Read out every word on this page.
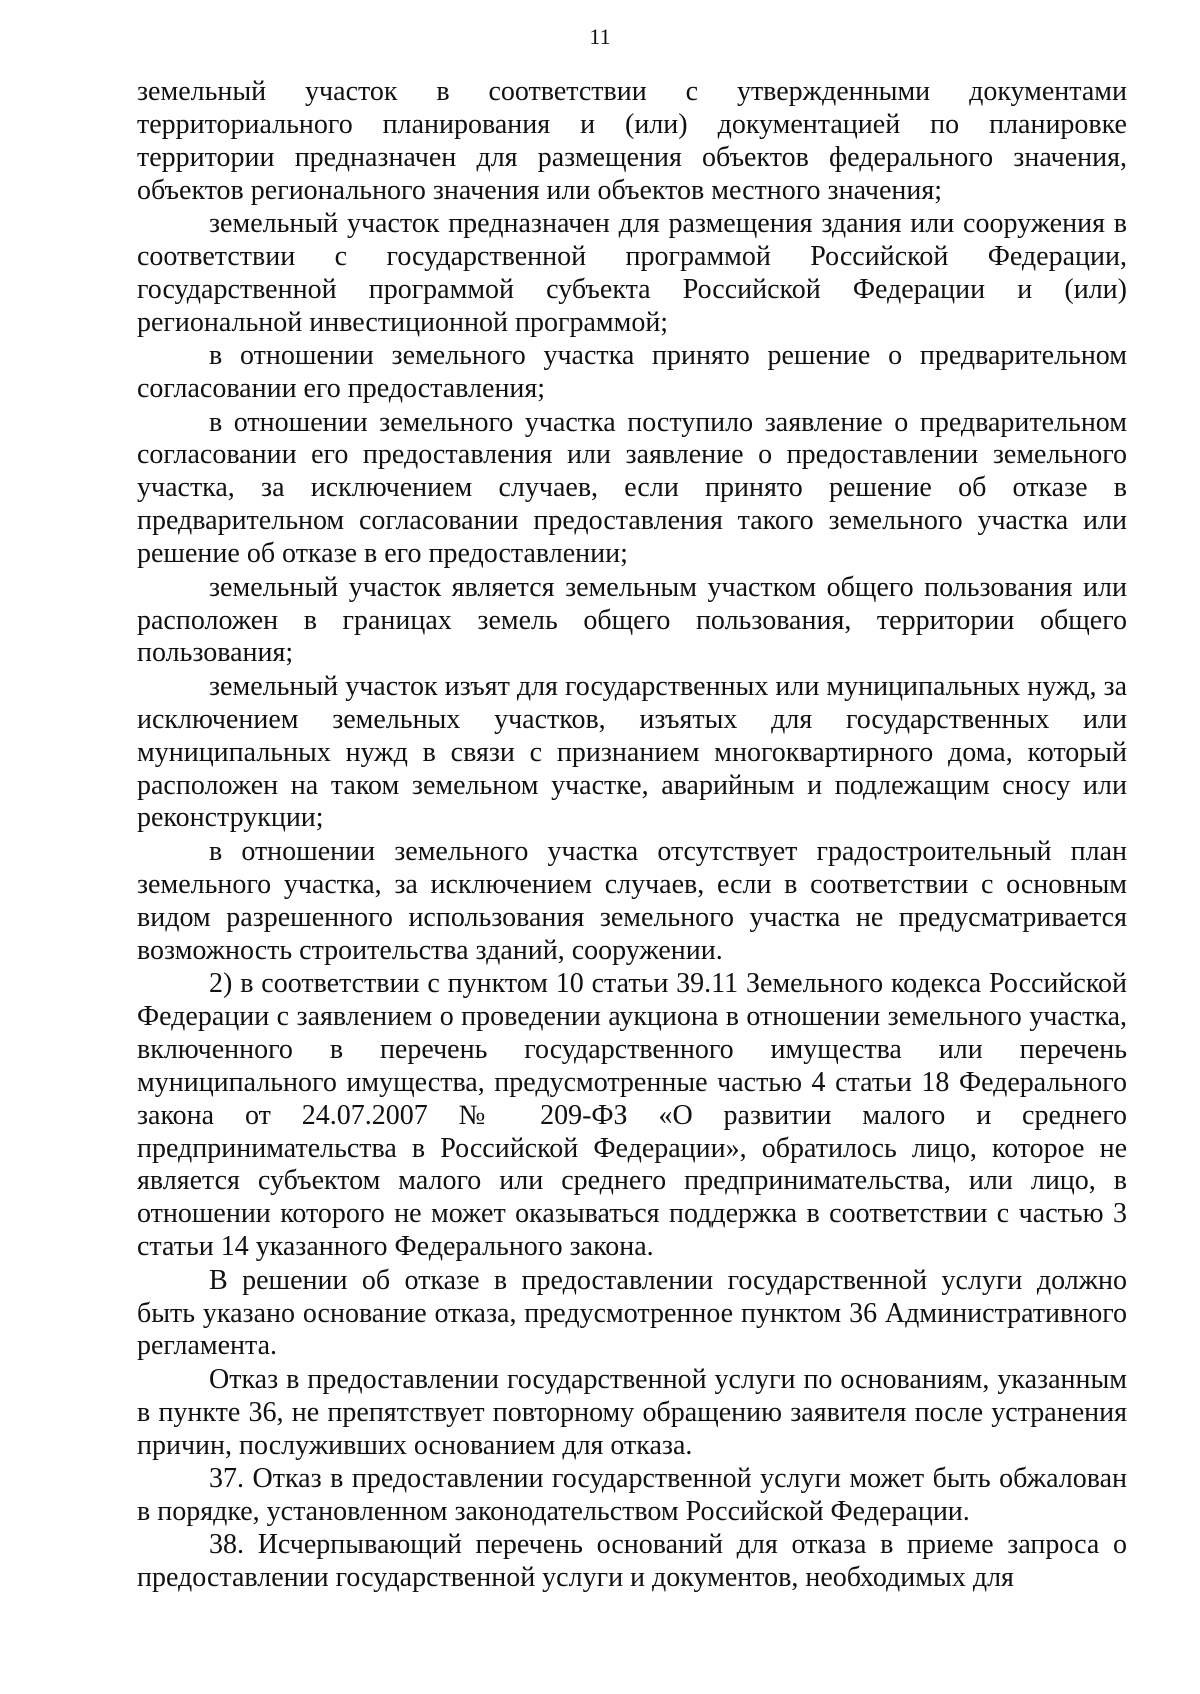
11

земельный участок в соответствии с утвержденными документами территориального планирования и (или) документацией по планировке территории предназначен для размещения объектов федерального значения, объектов регионального значения или объектов местного значения;

земельный участок предназначен для размещения здания или сооружения в соответствии с государственной программой Российской Федерации, государственной программой субъекта Российской Федерации и (или) региональной инвестиционной программой;

в отношении земельного участка принято решение о предварительном согласовании его предоставления;

в отношении земельного участка поступило заявление о предварительном согласовании его предоставления или заявление о предоставлении земельного участка, за исключением случаев, если принято решение об отказе в предварительном согласовании предоставления такого земельного участка или решение об отказе в его предоставлении;

земельный участок является земельным участком общего пользования или расположен в границах земель общего пользования, территории общего пользования;

земельный участок изъят для государственных или муниципальных нужд, за исключением земельных участков, изъятых для государственных или муниципальных нужд в связи с признанием многоквартирного дома, который расположен на таком земельном участке, аварийным и подлежащим сносу или реконструкции;

в отношении земельного участка отсутствует градостроительный план земельного участка, за исключением случаев, если в соответствии с основным видом разрешенного использования земельного участка не предусматривается возможность строительства зданий, сооружении.

2) в соответствии с пунктом 10 статьи 39.11 Земельного кодекса Российской Федерации с заявлением о проведении аукциона в отношении земельного участка, включенного в перечень государственного имущества или перечень муниципального имущества, предусмотренные частью 4 статьи 18 Федерального закона от 24.07.2007 № 209-ФЗ «О развитии малого и среднего предпринимательства в Российской Федерации», обратилось лицо, которое не является субъектом малого или среднего предпринимательства, или лицо, в отношении которого не может оказываться поддержка в соответствии с частью 3 статьи 14 указанного Федерального закона.

В решении об отказе в предоставлении государственной услуги должно быть указано основание отказа, предусмотренное пунктом 36 Административного регламента.

Отказ в предоставлении государственной услуги по основаниям, указанным в пункте 36, не препятствует повторному обращению заявителя после устранения причин, послуживших основанием для отказа.

37. Отказ в предоставлении государственной услуги может быть обжалован в порядке, установленном законодательством Российской Федерации.

38. Исчерпывающий перечень оснований для отказа в приеме запроса о предоставлении государственной услуги и документов, необходимых для
